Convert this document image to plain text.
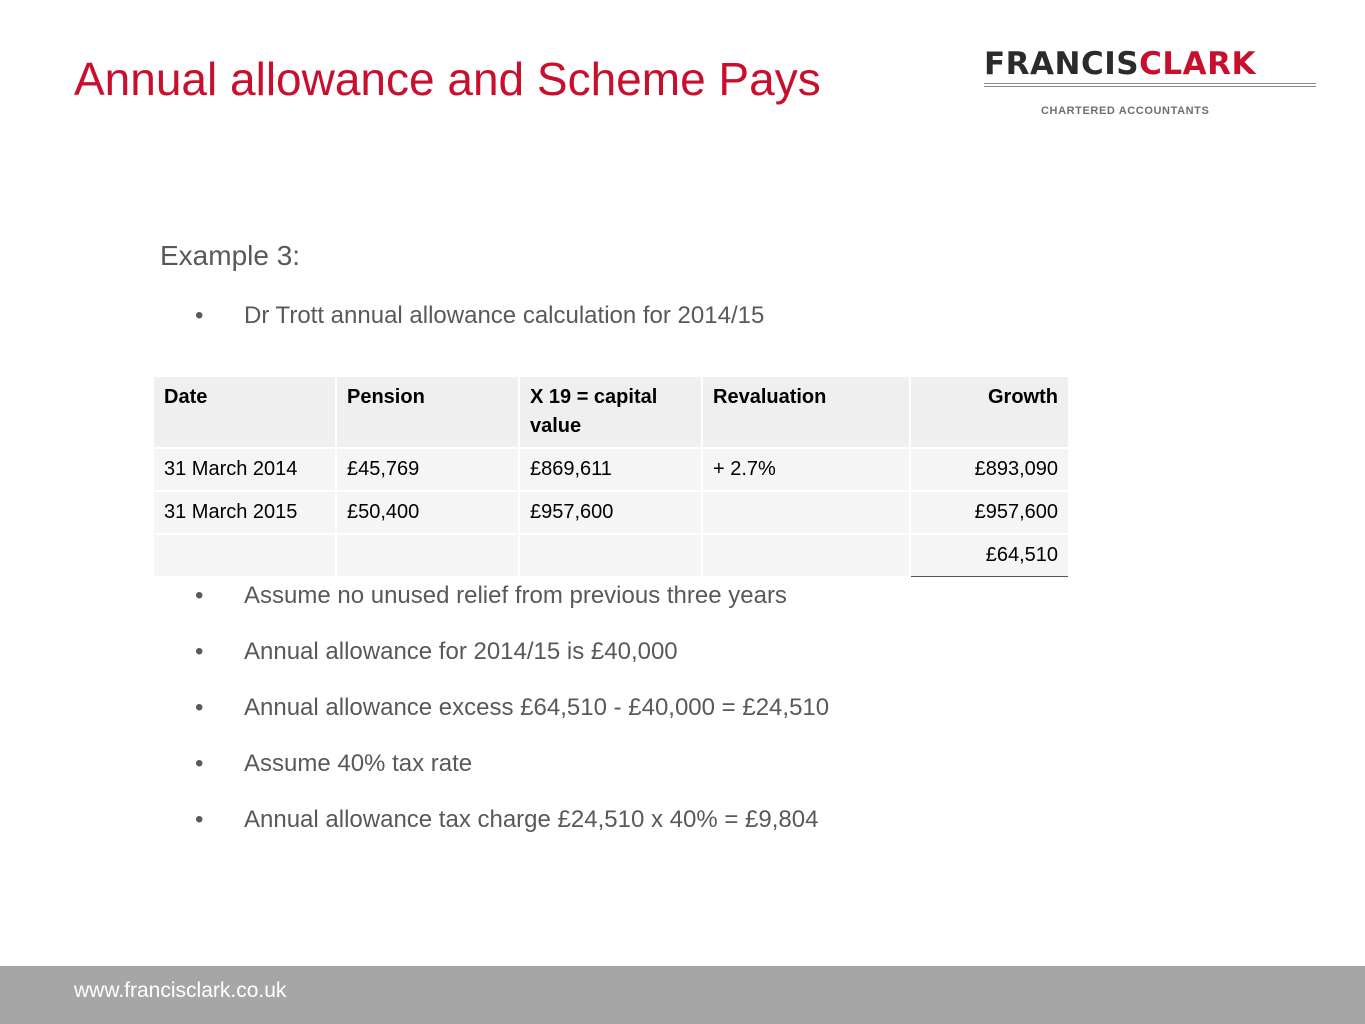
Annual allowance and Scheme Pays	FRANCISCLARK
CHARTERED ACCOUNTANTS
Example 3:
• Dr Trott annual allowance calculation for 2014/15
Date	Pension	X 19 = capital value	Revaluation	Growth
31 March 2014	£45,769	£869,611	+ 2.7%	£893,090
31 March 2015	£50,400	£957,600		£957,600
				£64,510
• Assume no unused relief from previous three years
• Annual allowance for 2014/15 is £40,000
• Annual allowance excess £64,510 - £40,000 = £24,510
• Assume 40% tax rate
• Annual allowance tax charge £24,510 x 40% = £9,804
www.francisclark.co.uk
